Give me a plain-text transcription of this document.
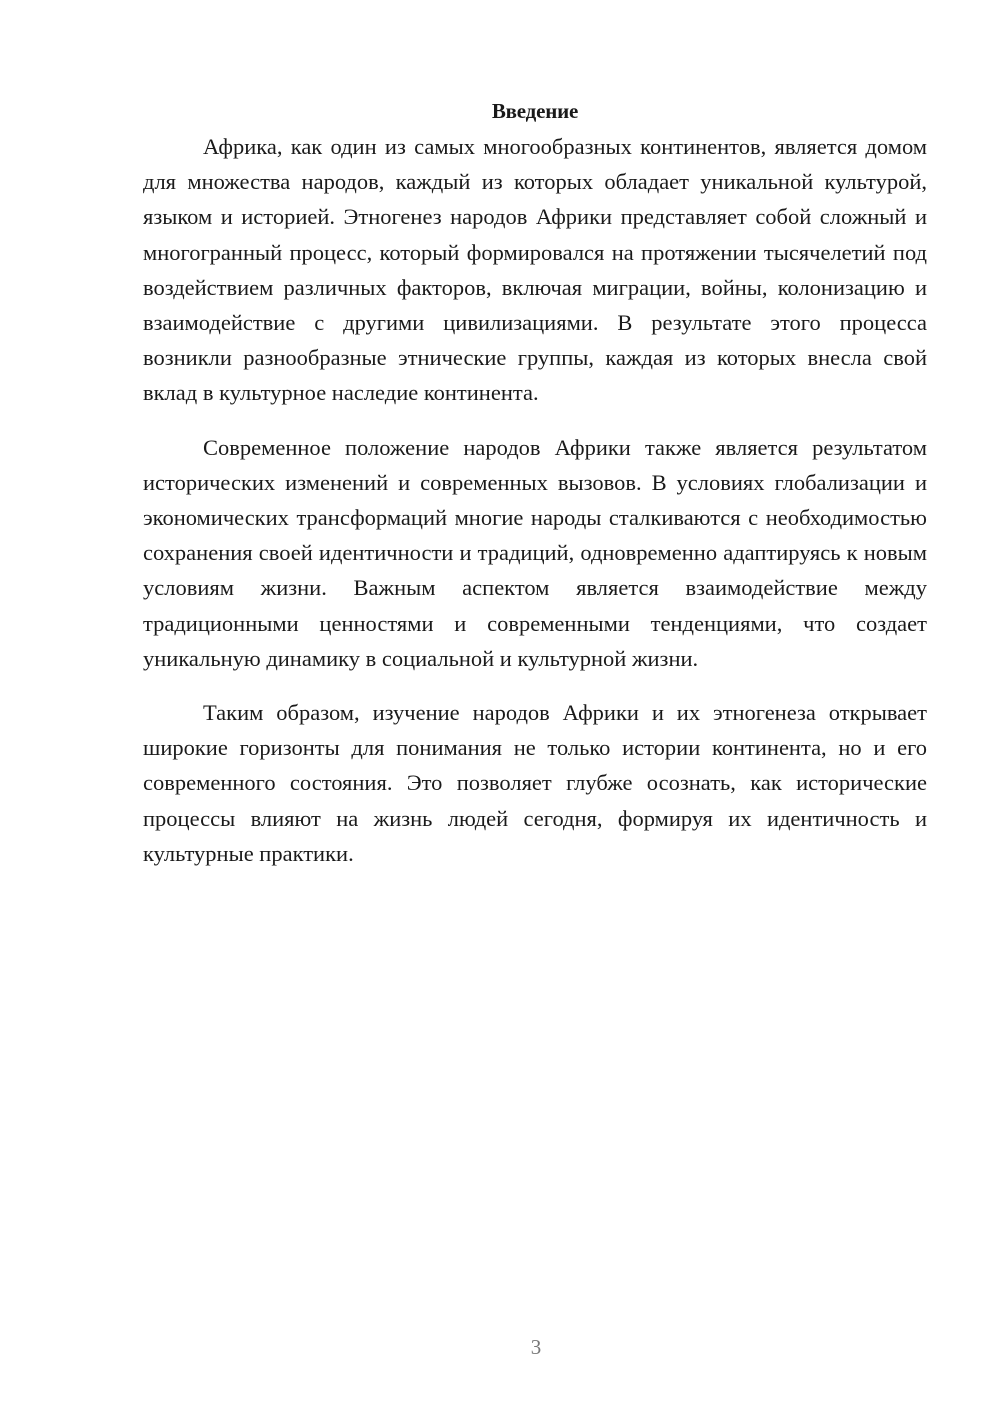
Введение

Африка, как один из самых многообразных континентов, является домом для множества народов, каждый из которых обладает уникальной культурой, языком и историей. Этногенез народов Африки представляет собой сложный и многогранный процесс, который формировался на протяжении тысячелетий под воздействием различных факторов, включая миграции, войны, колонизацию и взаимодействие с другими цивилизациями. В результате этого процесса возникли разнообразные этнические группы, каждая из которых внесла свой вклад в культурное наследие континента.

Современное положение народов Африки также является результатом исторических изменений и современных вызовов. В условиях глобализации и экономических трансформаций многие народы сталкиваются с необходимостью сохранения своей идентичности и традиций, одновременно адаптируясь к новым условиям жизни. Важным аспектом является взаимодействие между традиционными ценностями и современными тенденциями, что создает уникальную динамику в социальной и культурной жизни.

Таким образом, изучение народов Африки и их этногенеза открывает широкие горизонты для понимания не только истории континента, но и его современного состояния. Это позволяет глубже осознать, как исторические процессы влияют на жизнь людей сегодня, формируя их идентичность и культурные практики.

3
